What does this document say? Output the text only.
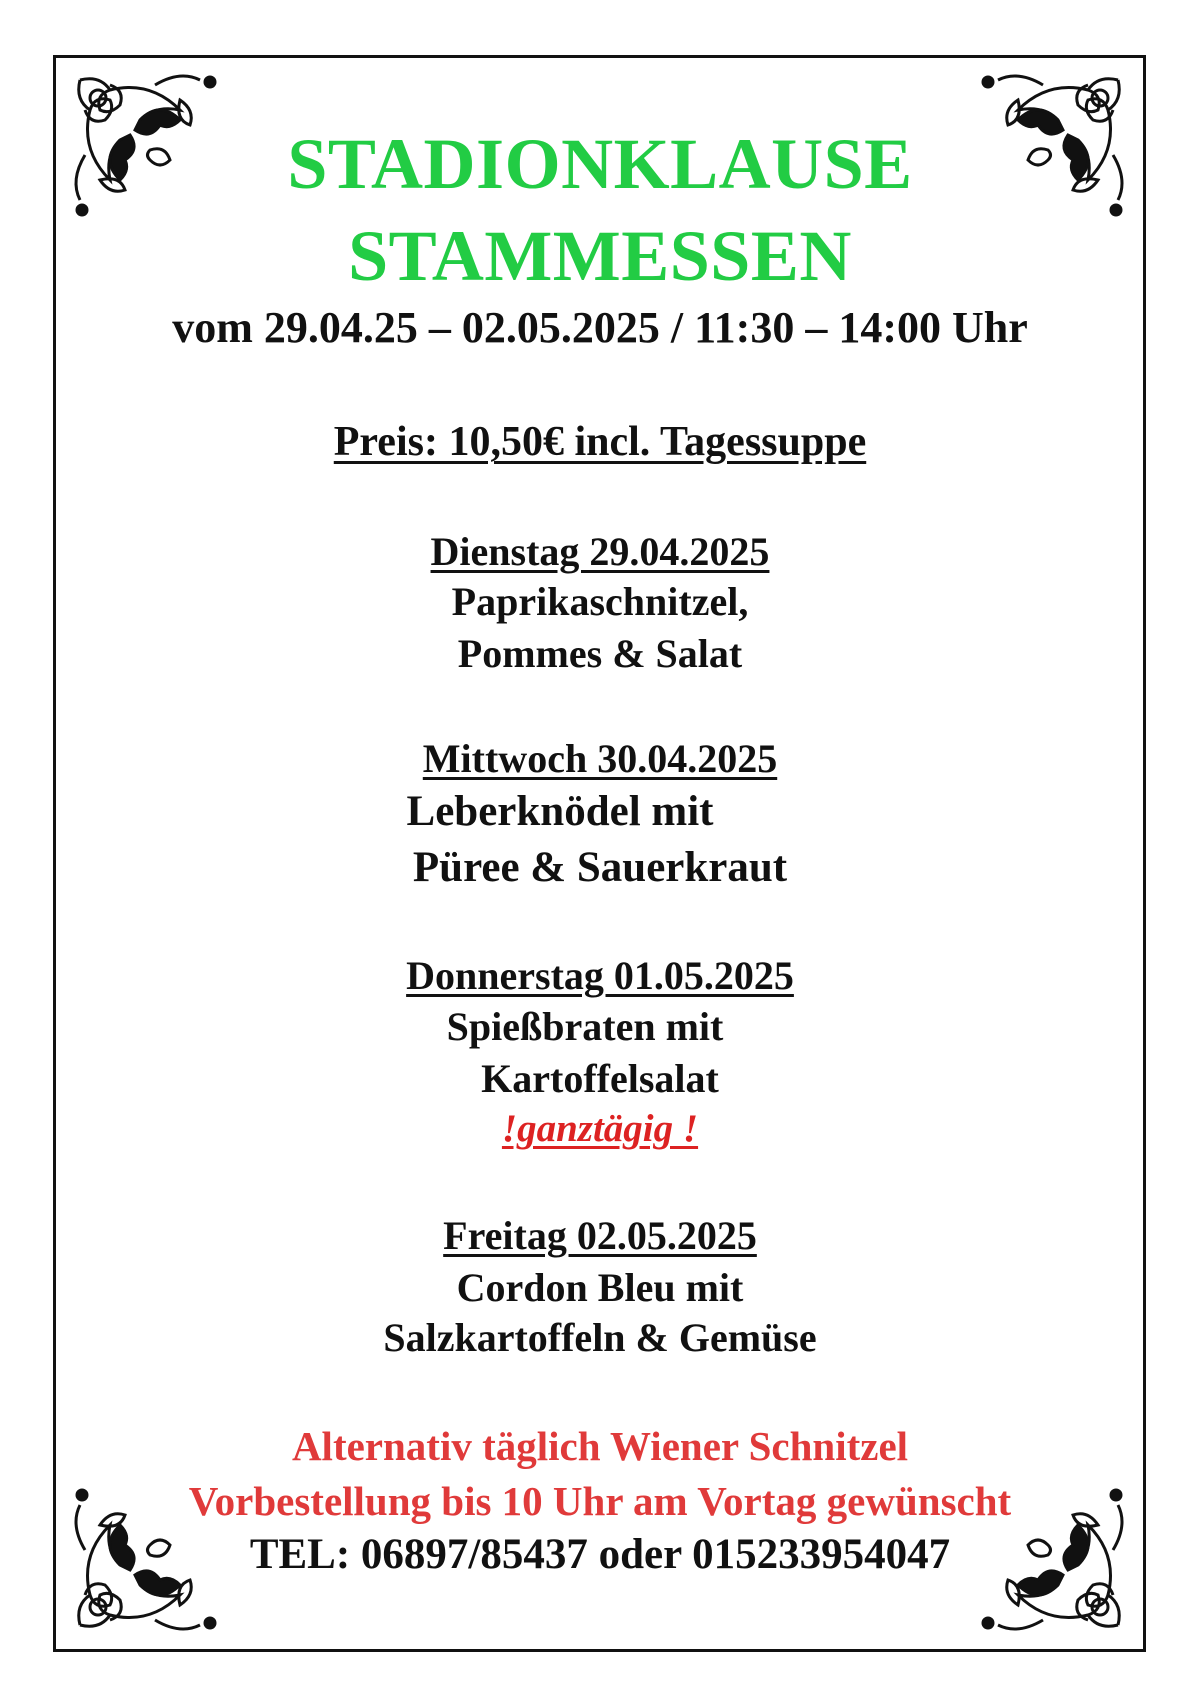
STADIONKLAUSE
STAMMESSEN
vom 29.04.25 – 02.05.2025 / 11:30 – 14:00 Uhr
Preis: 10,50€ incl. Tagessuppe
Dienstag 29.04.2025
Paprikaschnitzel,
Pommes & Salat
Mittwoch 30.04.2025
Leberknödel mit
Püree & Sauerkraut
Donnerstag 01.05.2025
Spießbraten mit
Kartoffelsalat
!ganztägig !
Freitag 02.05.2025
Cordon Bleu mit
Salzkartoffeln & Gemüse
Alternativ täglich Wiener Schnitzel
Vorbestellung bis 10 Uhr am Vortag gewünscht
TEL: 06897/85437 oder 015233954047
